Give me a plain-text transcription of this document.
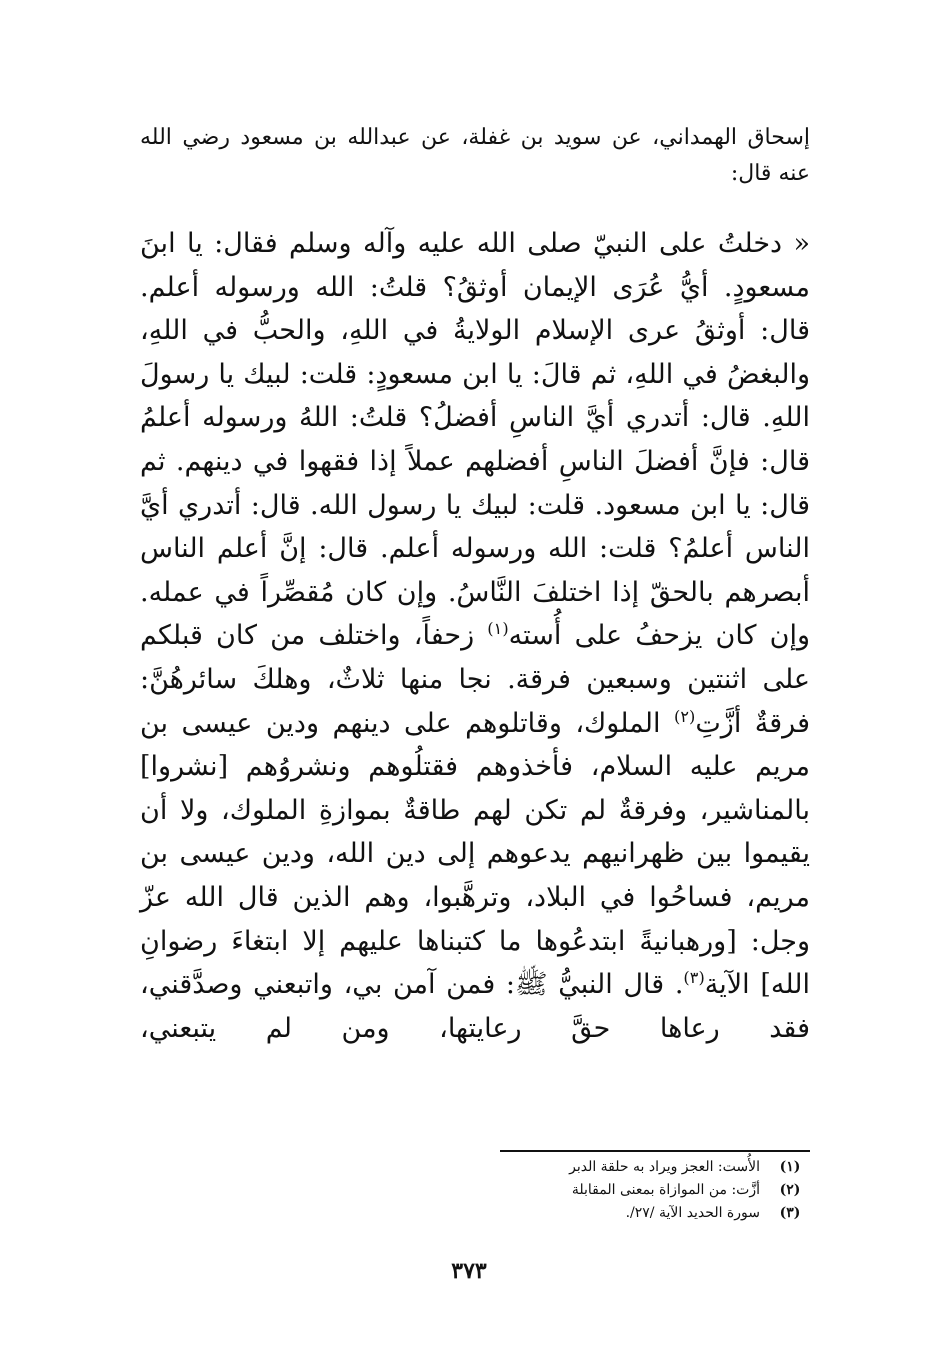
إسحاق الهمداني، عن سويد بن غفلة، عن عبدالله بن مسعود رضي الله عنه قال:

« دخلتُ على النبيّ صلى الله عليه وآله وسلم فقال: يا ابنَ مسعودٍ. أيُّ عُرَى الإيمان أوثقُ؟ قلتُ: الله ورسوله أعلم. قال: أوثقُ عرى الإسلام الولايةُ في اللهِ، والحبُّ في اللهِ، والبغضُ في اللهِ، ثم قالَ: يا ابن مسعودٍ: قلت: لبيك يا رسولَ اللهِ. قال: أتدري أيَّ الناسِ أفضلُ؟ قلتُ: اللهُ ورسوله أعلمُ قال: فإنَّ أفضلَ الناسِ أفضلهم عملاً إذا فقهوا في دينهم. ثم قال: يا ابن مسعود. قلت: لبيك يا رسول الله. قال: أتدري أيَّ الناس أعلمُ؟ قلت: الله ورسوله أعلم. قال: إنَّ أعلم الناس أبصرهم بالحقّ إذا اختلفَ النَّاسُ. وإن كان مُقصِّراً في عمله. وإن كان يزحفُ على أُسته$^{(١)}$ زحفاً، واختلف من كان قبلكم على اثنتين وسبعين فرقة. نجا منها ثلاثٌ، وهلكَ سائرهُنَّ: فرقةٌ أزَّتِ$^{(٢)}$ الملوك، وقاتلوهم على دينهم ودين عيسى بن مريم عليه السلام، فأخذوهم فقتلُوهم ونشروُهم [نشروا] بالمناشير، وفرقةٌ لم تكن لهم طاقةٌ بموازةِ الملوك، ولا أن يقيموا بين ظهرانيهم يدعوهم إلى دين الله، ودين عيسى بن مريم، فساحُوا في البلاد، وترهَّبوا، وهم الذين قال الله عزّ وجل: [ورهبانيةً ابتدعُوها ما كتبناها عليهم إلا ابتغاءَ رضوانِ الله] الآية$^{(٣)}$. قال النبيُّ ﷺ: فمن آمن بي، واتبعني وصدَّقني، فقد رعاها حقَّ رعايتها، ومن لم يتبعني،

(١)
الأُست: العجز ويراد به حلقة الدبر
(٢)
أزَّت: من الموازاة بمعنى المقابلة
(٣)
سورة الحديد الآية /٢٧/.
٣٧٣
